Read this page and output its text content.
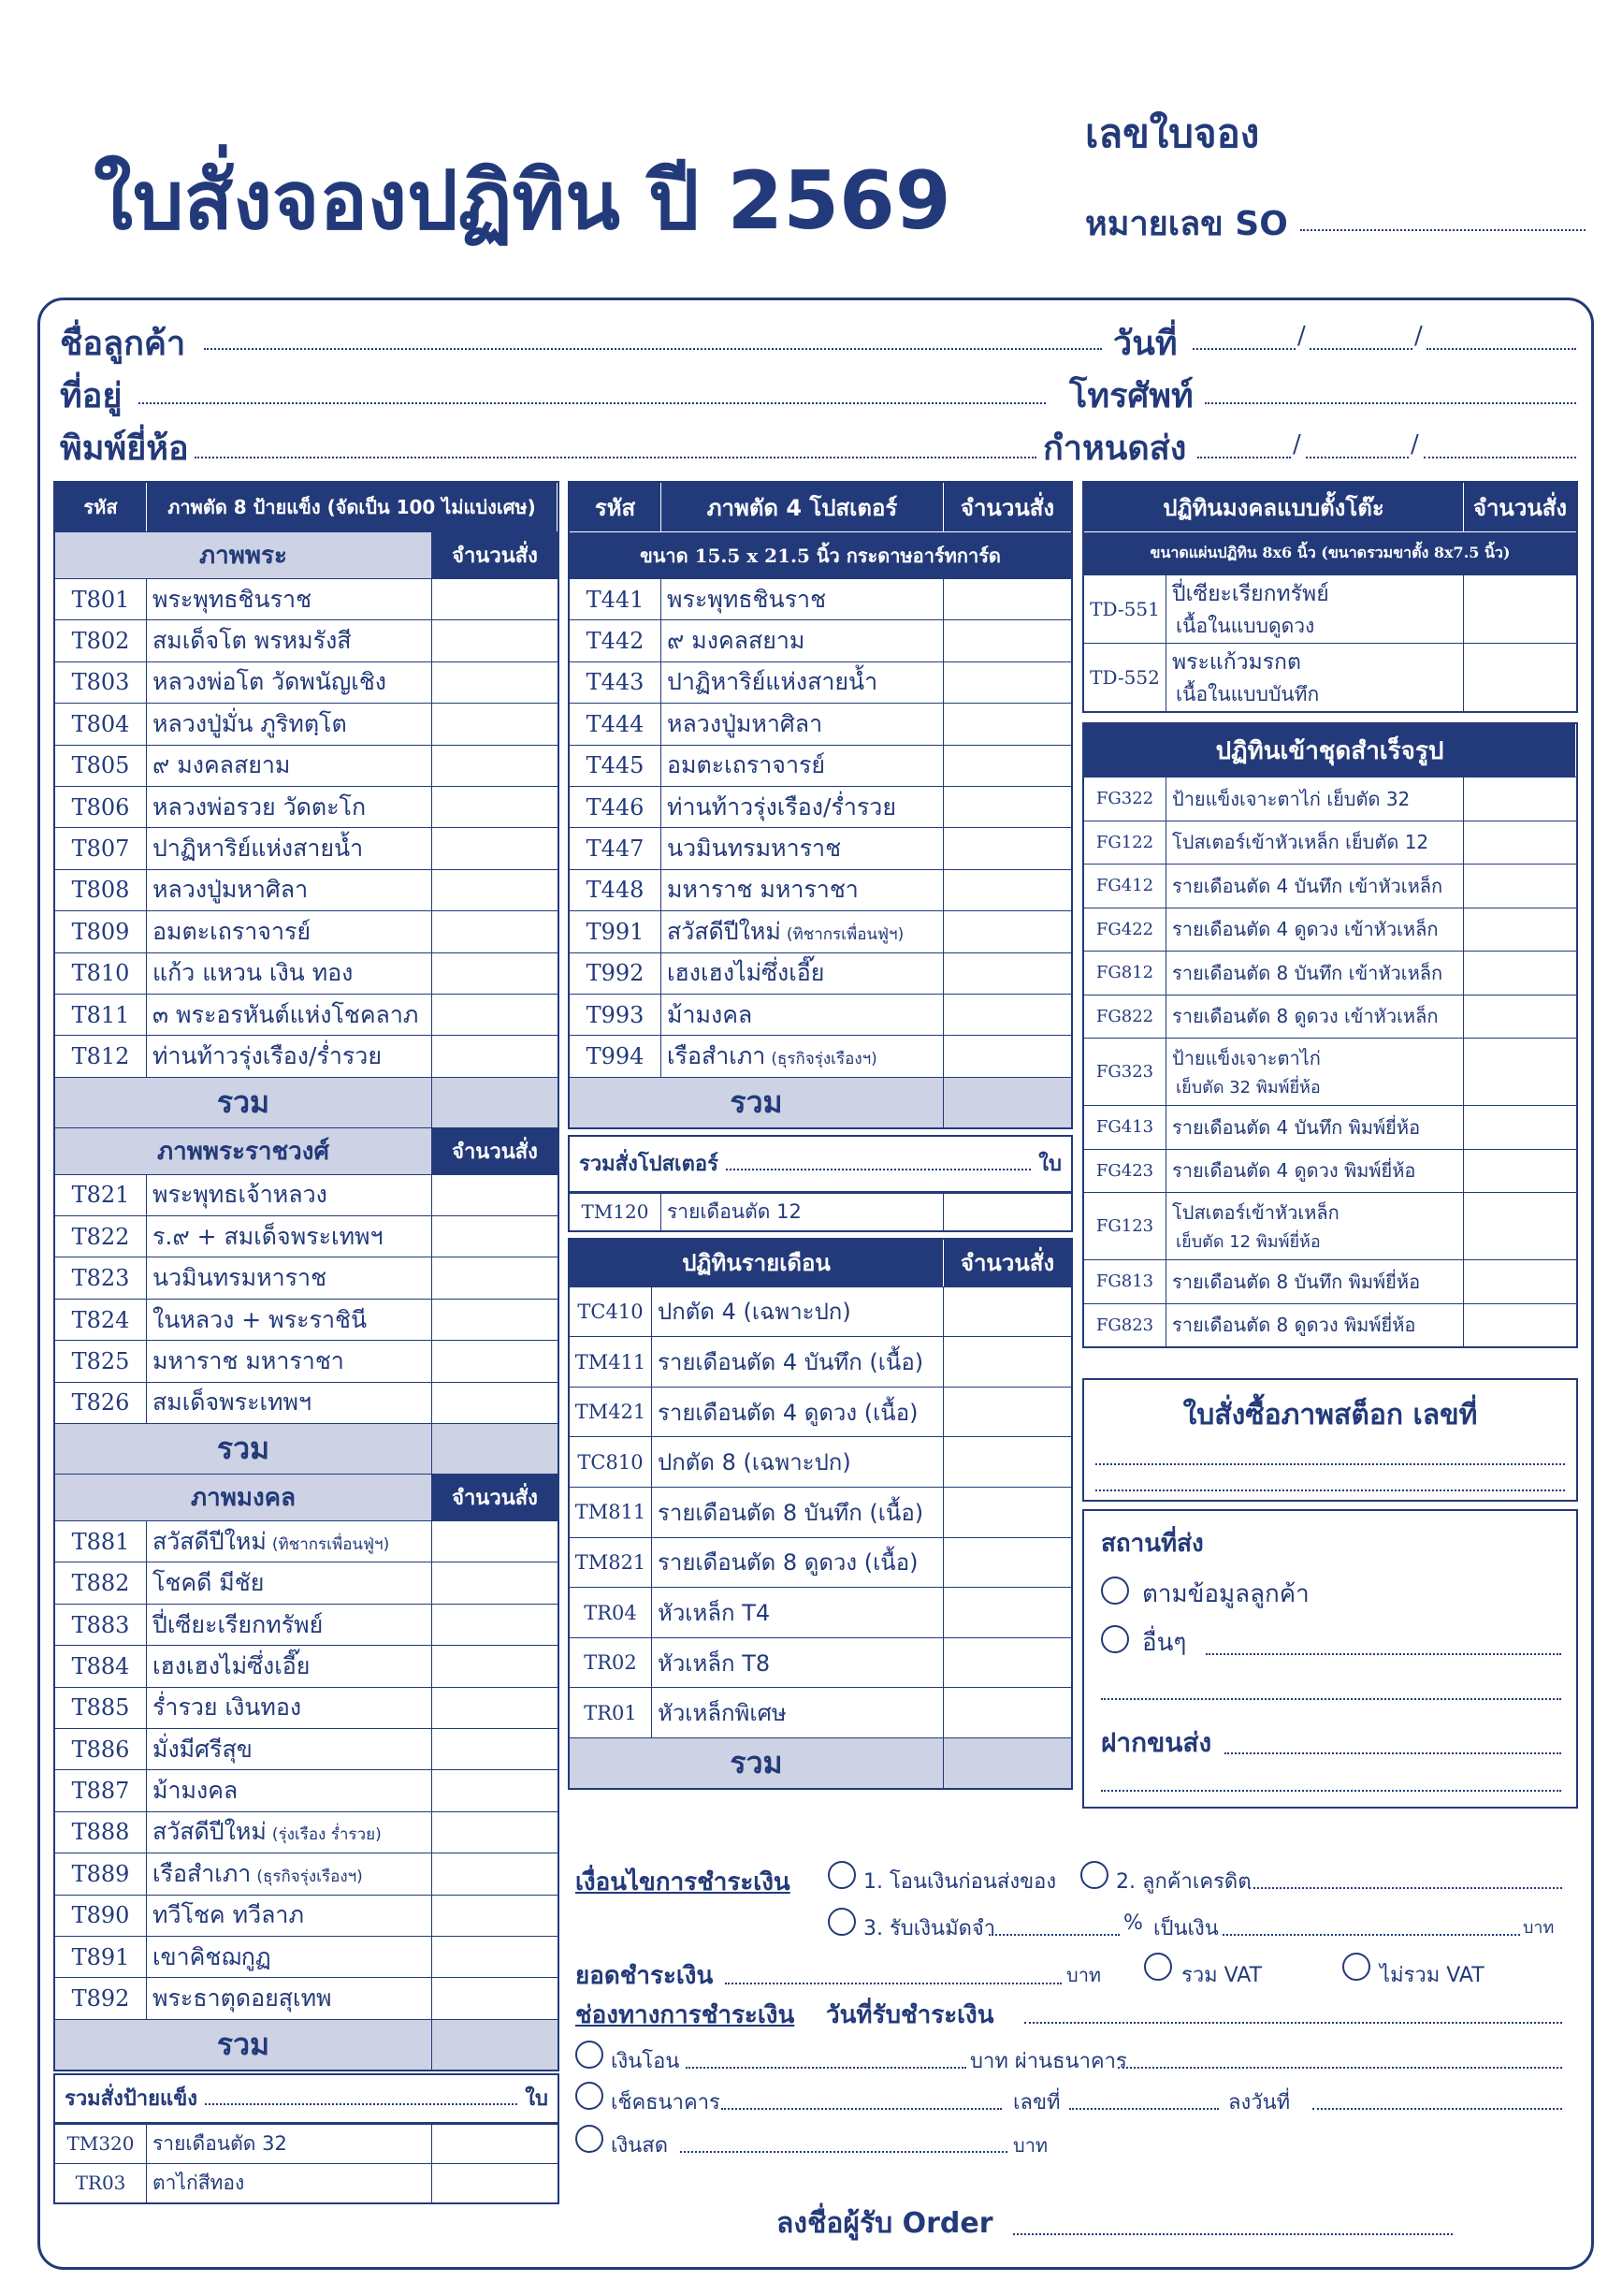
ใบสั่งจองปฏิทิน ปี 2569
เลขใบจอง
หมายเลข SO
ชื่อลูกค้า	วันที่	/	/
ที่อยู่	โทรศัพท์
พิมพ์ยี่ห้อ	กำหนดส่ง	/	/
รหัส	ภาพตัด 8 ป้ายแข็ง (จัดเป็น 100 ไม่แบ่งเศษ)
ภาพพระ	จำนวนสั่ง
T801 พระพุทธชินราช
T802 สมเด็จโต พรหมรังสี
T803 หลวงพ่อโต วัดพนัญเชิง
T804 หลวงปู่มั่น ภูริทตฺโต
T805 ๙ มงคลสยาม
T806 หลวงพ่อรวย วัดตะโก
T807 ปาฏิหาริย์แห่งสายน้ำ
T808 หลวงปู่มหาศิลา
T809 อมตะเถราจารย์
T810 แก้ว แหวน เงิน ทอง
T811 ๓ พระอรหันต์แห่งโชคลาภ
T812 ท่านท้าวรุ่งเรือง/ร่ำรวย
รวม
ภาพพระราชวงศ์	จำนวนสั่ง
T821 พระพุทธเจ้าหลวง
T822 ร.๙ + สมเด็จพระเทพฯ
T823 นวมินทรมหาราช
T824 ในหลวง + พระราชินี
T825 มหาราช มหาราชา
T826 สมเด็จพระเทพฯ
รวม
ภาพมงคล	จำนวนสั่ง
T881 สวัสดีปีใหม่ (ทิชากรเพื่อนฟู่ฯ)
T882 โชคดี มีชัย
T883 ปี่เซียะเรียกทรัพย์
T884 เฮงเฮงไม่ซึ่งเอี๊ย
T885 ร่ำรวย เงินทอง
T886 มั่งมีศรีสุข
T887 ม้ามงคล
T888 สวัสดีปีใหม่ (รุ่งเรือง ร่ำรวย)
T889 เรือสำเภา (ธุรกิจรุ่งเรืองฯ)
T890 ทวีโชค ทวีลาภ
T891 เขาคิชฌกูฏ
T892 พระธาตุดอยสุเทพ
รวม
รวมสั่งป้ายแข็ง	ใบ
TM320 รายเดือนตัด 32
TR03	ตาไก่สีทอง
รหัส	ภาพตัด 4 โปสเตอร์	จำนวนสั่ง
ขนาด 15.5 x 21.5 นิ้ว กระดาษอาร์ทการ์ด
T441 พระพุทธชินราช
T442 ๙ มงคลสยาม
T443 ปาฏิหาริย์แห่งสายน้ำ
T444 หลวงปู่มหาศิลา
T445 อมตะเถราจารย์
T446 ท่านท้าวรุ่งเรือง/ร่ำรวย
T447 นวมินทรมหาราช
T448 มหาราช มหาราชา
T991 สวัสดีปีใหม่ (ทิชากรเพื่อนฟู่ฯ)
T992 เฮงเฮงไม่ซึ่งเอี๊ย
T993 ม้ามงคล
T994 เรือสำเภา (ธุรกิจรุ่งเรืองฯ)
รวม
รวมสั่งโปสเตอร์	ใบ
TM120 รายเดือนตัด 12
ปฏิทินรายเดือน	จำนวนสั่ง
TC410 ปกตัด 4 (เฉพาะปก)
TM411 รายเดือนตัด 4 บันทึก (เนื้อ)
TM421 รายเดือนตัด 4 ดูดวง (เนื้อ)
TC810 ปกตัด 8 (เฉพาะปก)
TM811 รายเดือนตัด 8 บันทึก (เนื้อ)
TM821 รายเดือนตัด 8 ดูดวง (เนื้อ)
TR04 หัวเหล็ก T4
TR02 หัวเหล็ก T8
TR01 หัวเหล็กพิเศษ
รวม
ปฏิทินมงคลแบบตั้งโต๊ะ	จำนวนสั่ง
ขนาดแผ่นปฏิทิน 8x6 นิ้ว (ขนาดรวมขาตั้ง 8x7.5 นิ้ว)
TD-551
ปี่เซียะเรียกทรัพย์
เนื้อในแบบดูดวง
TD-552
พระแก้วมรกต
เนื้อในแบบบันทึก
ปฏิทินเข้าชุดสำเร็จรูป
FG322 ป้ายแข็งเจาะตาไก่ เย็บตัด 32
FG122 โปสเตอร์เข้าหัวเหล็ก เย็บตัด 12
FG412 รายเดือนตัด 4 บันทึก เข้าหัวเหล็ก
FG422 รายเดือนตัด 4 ดูดวง เข้าหัวเหล็ก
FG812 รายเดือนตัด 8 บันทึก เข้าหัวเหล็ก
FG822 รายเดือนตัด 8 ดูดวง เข้าหัวเหล็ก
FG323
ป้ายแข็งเจาะตาไก่
เย็บตัด 32 พิมพ์ยี่ห้อ
FG413 รายเดือนตัด 4 บันทึก พิมพ์ยี่ห้อ
FG423 รายเดือนตัด 4 ดูดวง พิมพ์ยี่ห้อ
FG123
โปสเตอร์เข้าหัวเหล็ก
เย็บตัด 12 พิมพ์ยี่ห้อ
FG813 รายเดือนตัด 8 บันทึก พิมพ์ยี่ห้อ
FG823 รายเดือนตัด 8 ดูดวง พิมพ์ยี่ห้อ
ใบสั่งซื้อภาพสต็อก เลขที่
สถานที่ส่ง
ตามข้อมูลลูกค้า
อื่นๆ
ฝากขนส่ง
เงื่อนไขการชำระเงิน	1. โอนเงินก่อนส่งของ	2. ลูกค้าเครดิต
3. รับเงินมัดจำ	% เป็นเงิน	บาท
ยอดชำระเงิน	บาท	รวม VAT	ไม่รวม VAT
ช่องทางการชำระเงิน วันที่รับชำระเงิน
เงินโอน	บาท ผ่านธนาคาร
เช็คธนาคาร	เลขที่	ลงวันที่
เงินสด	บาท
ลงชื่อผู้รับ Order
